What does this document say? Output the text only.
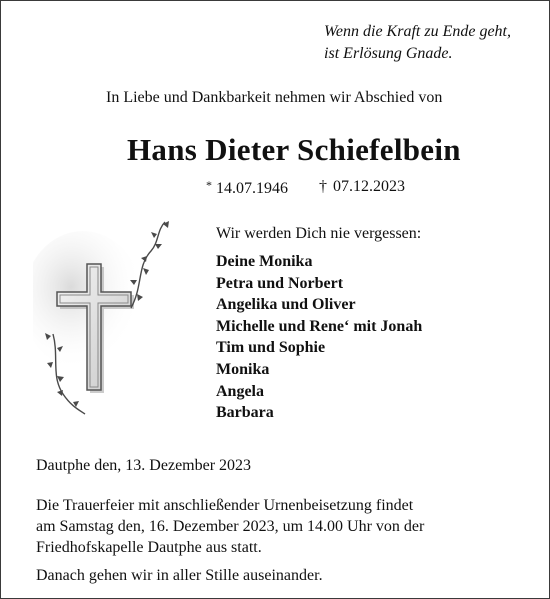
Wenn die Kraft zu Ende geht,
ist Erlösung Gnade.
In Liebe und Dankbarkeit nehmen wir Abschied von
Hans Dieter Schiefelbein
* 14.07.1946 † 07.12.2023
Wir werden Dich nie vergessen:
Deine Monika
Petra und Norbert
Angelika und Oliver
Michelle und Rene‘ mit Jonah
Tim und Sophie
Monika
Angela
Barbara
Dautphe den, 13. Dezember 2023
Die Trauerfeier mit anschließender Urnenbeisetzung findet
am Samstag den, 16. Dezember 2023, um 14.00 Uhr von der
Friedhofskapelle Dautphe aus statt.
Danach gehen wir in aller Stille auseinander.
